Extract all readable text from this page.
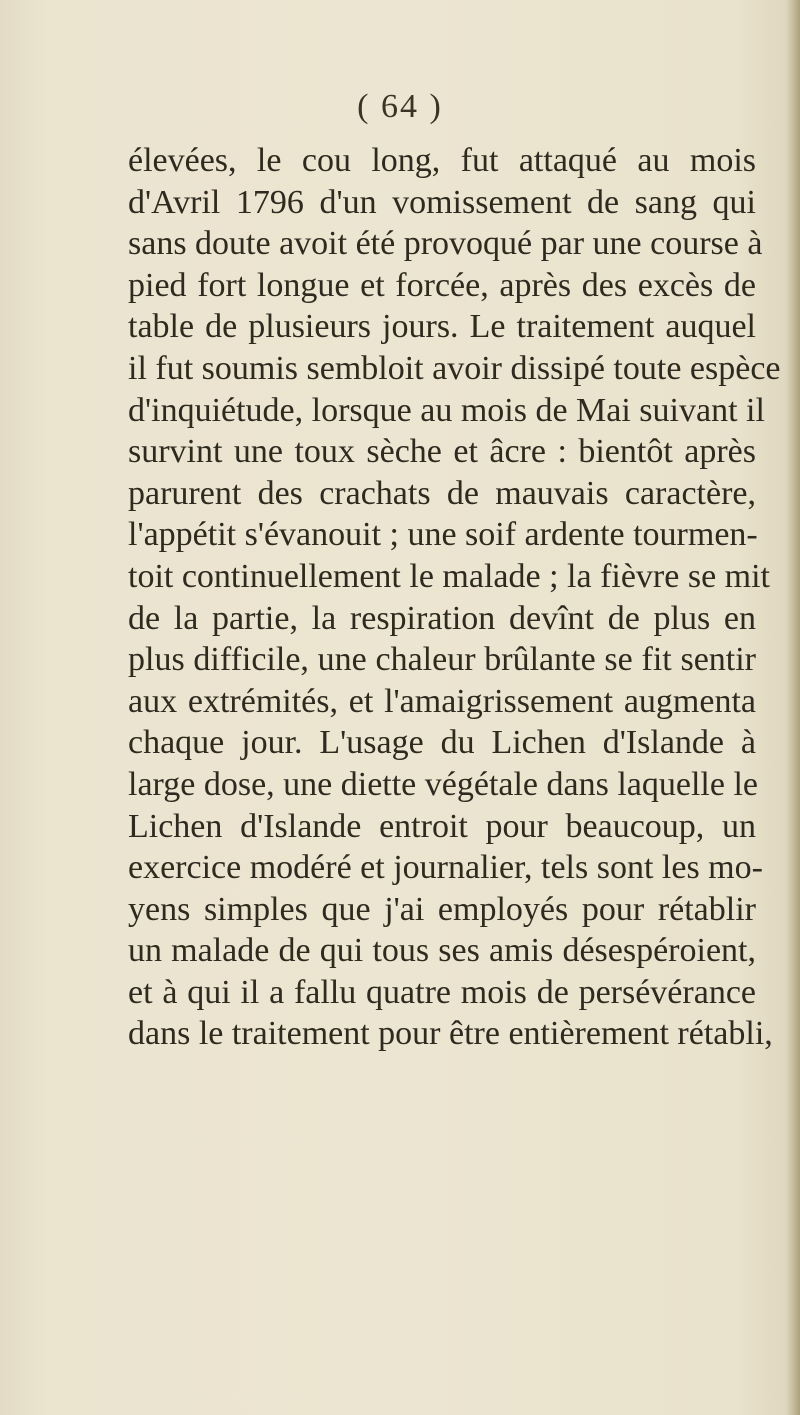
( 64 )
élevées, le cou long, fut attaqué au mois
d'Avril 1796 d'un vomissement de sang qui
sans doute avoit été provoqué par une course à
pied fort longue et forcée, après des excès de
table de plusieurs jours. Le traitement auquel
il fut soumis sembloit avoir dissipé toute espèce
d'inquiétude, lorsque au mois de Mai suivant il
survint une toux sèche et âcre : bientôt après
parurent des crachats de mauvais caractère,
l'appétit s'évanouit ; une soif ardente tourmen-
toit continuellement le malade ; la fièvre se mit
de la partie, la respiration devînt de plus en
plus difficile, une chaleur brûlante se fit sentir
aux extrémités, et l'amaigrissement augmenta
chaque jour. L'usage du Lichen d'Islande à
large dose, une diette végétale dans laquelle le
Lichen d'Islande entroit pour beaucoup, un
exercice modéré et journalier, tels sont les mo-
yens simples que j'ai employés pour rétablir
un malade de qui tous ses amis désespéroient,
et à qui il a fallu quatre mois de persévérance
dans le traitement pour être entièrement rétabli,
